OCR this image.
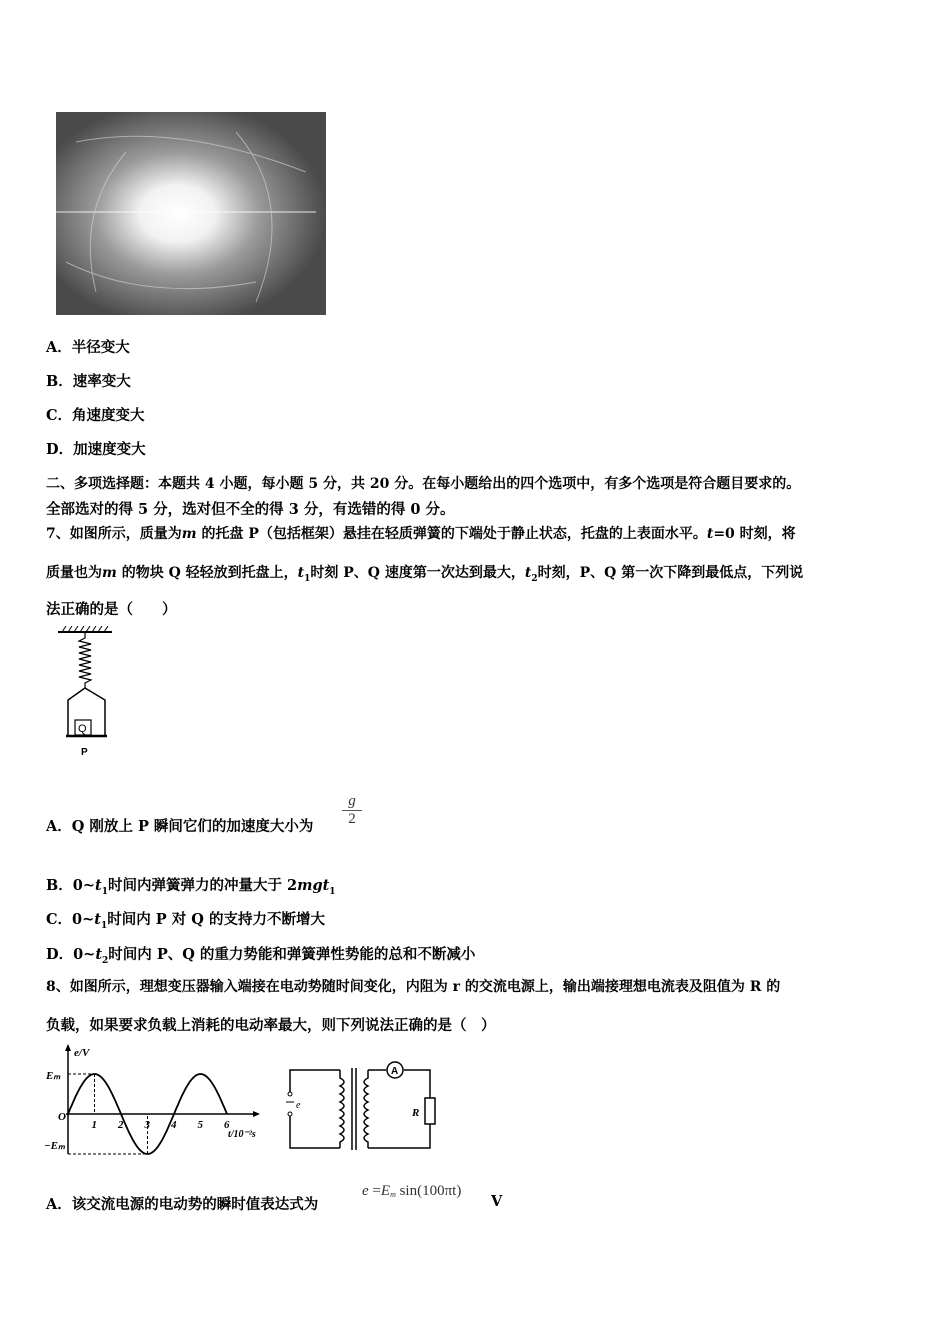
A．半径变大
B．速率变大
C．角速度变大
D．加速度变大
二、多项选择题：本题共 4 小题，每小题 5 分，共 20 分。在每小题给出的四个选项中，有多个选项是符合题目要求的。
全部选对的得 5 分，选对但不全的得 3 分，有选错的得 0 分。
7、如图所示，质量为m 的托盘 P（包括框架）悬挂在轻质弹簧的下端处于静止状态，托盘的上表面水平。t=0 时刻，将
质量也为m 的物块 Q 轻轻放到托盘上，$t_1$时刻 P、Q 速度第一次达到最大，$t_2$时刻，P、Q 第一次下降到最低点，下列说
法正确的是（　　）
Q
P
A．Q 刚放上 P 瞬间它们的加速度大小为 $\frac{g}{2}$
B．$0\sim t_1$时间内弹簧弹力的冲量大于 2mgt$_1$
C．$0\sim t_1$时间内 P 对 Q 的支持力不断增大
D．$0\sim t_2$时间内 P、Q 的重力势能和弹簧弹性势能的总和不断减小
8、如图所示，理想变压器输入端接在电动势随时间变化，内阻为 r 的交流电源上，输出端接理想电流表及阻值为 R 的
负载，如果要求负载上消耗的电动率最大，则下列说法正确的是（　）
e/V
Eₘ
−Eₘ
O
t/10⁻²s
1 2 3 4 5 6
e
A
R
A．该交流电源的电动势的瞬时值表达式为
$e =E_m$ sin(100πt)
V
